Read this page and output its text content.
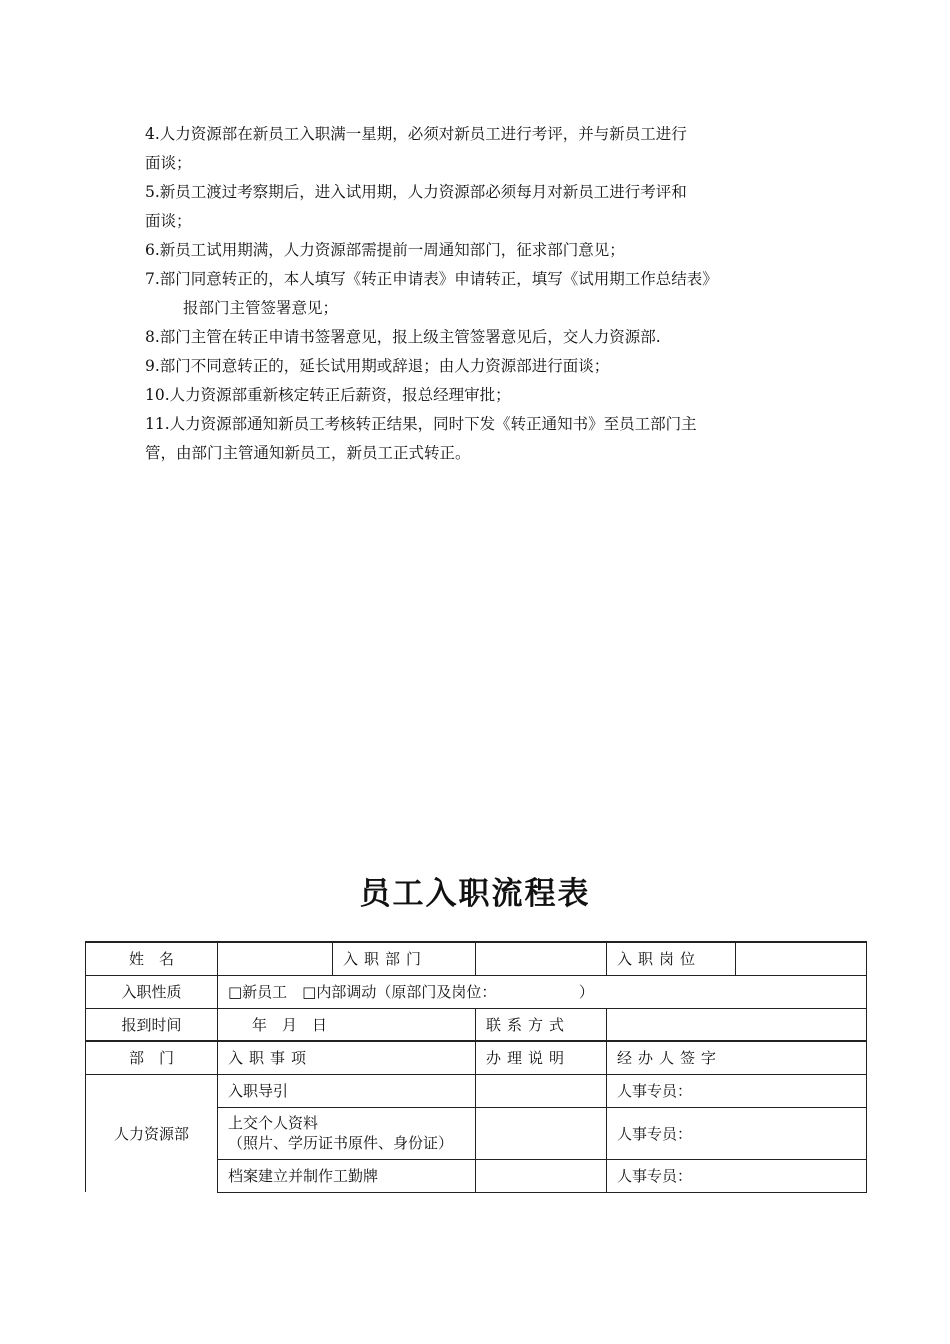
4.人力资源部在新员工入职满一星期，必须对新员工进行考评，并与新员工进行
面谈；
5.新员工渡过考察期后，进入试用期，人力资源部必须每月对新员工进行考评和
面谈；
6.新员工试用期满，人力资源部需提前一周通知部门，征求部门意见；
7.部门同意转正的，本人填写《转正申请表》申请转正，填写《试用期工作总结表》
报部门主管签署意见；
8.部门主管在转正申请书签署意见，报上级主管签署意见后，交人力资源部.
9.部门不同意转正的，延长试用期或辞退；由人力资源部进行面谈；
10.人力资源部重新核定转正后薪资，报总经理审批；
11.人力资源部通知新员工考核转正结果，同时下发《转正通知书》至员工部门主
管，由部门主管通知新员工，新员工正式转正。
员工入职流程表
姓　名		入职部门		入职岗位	
入职性质	□新员工　□内部调动（原部门及岗位：　　　　　　）				
报到时间	年　月　日		联系方式		
部　门	入职事项		办理说明	经办人签字	
人力资源部	入职导引			人事专员：	

	上交个人资料
（照片、学历证书原件、身份证）			人事专员：	
	档案建立并制作工勤牌			人事专员：	
